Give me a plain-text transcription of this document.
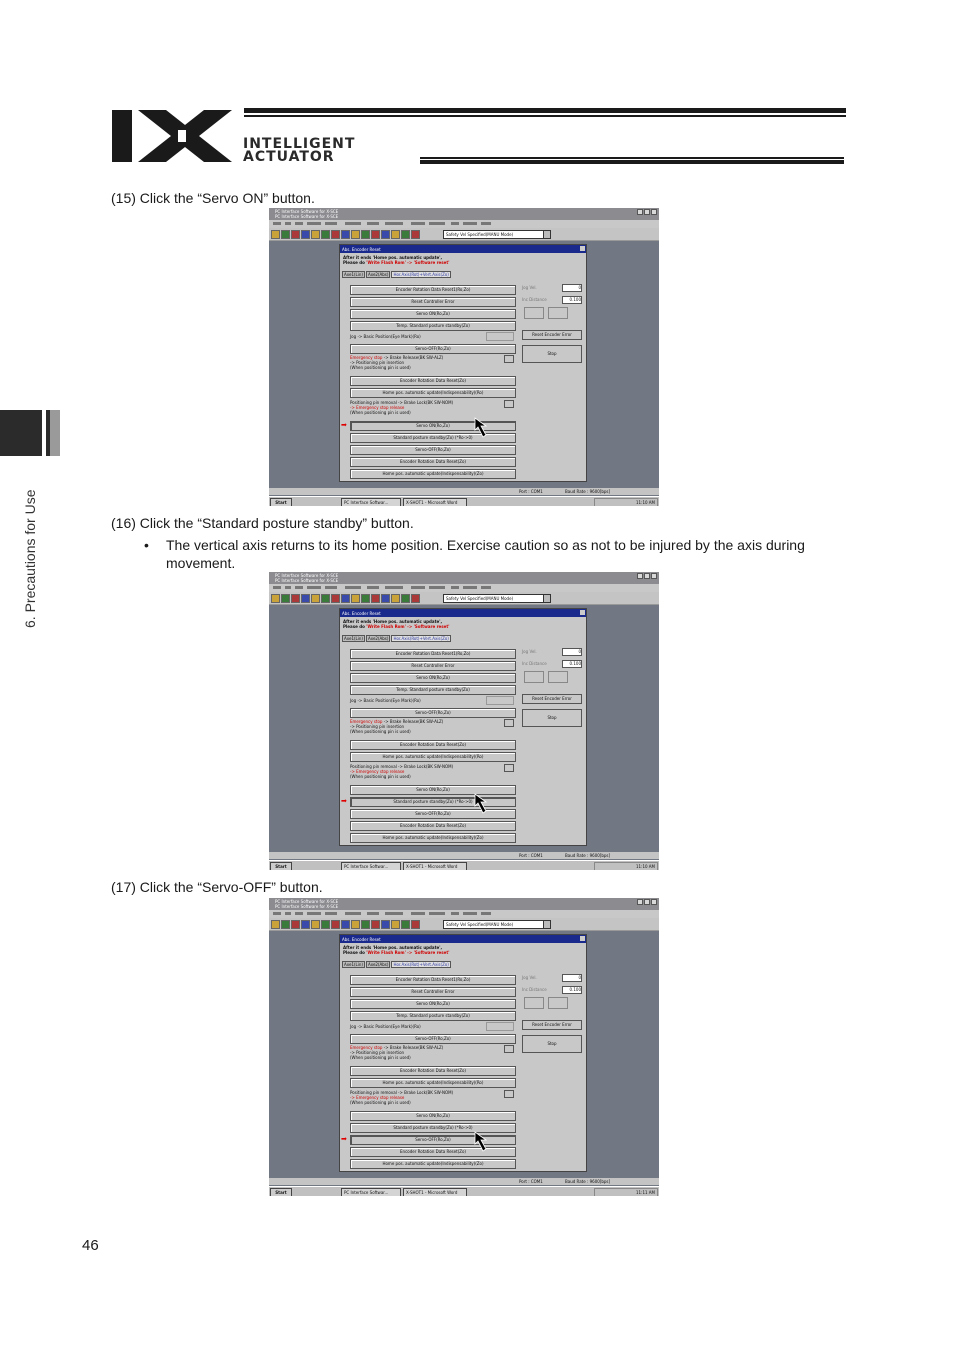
INTELLIGENT
ACTUATOR
6. Precautions for Use
(15) Click the “Servo ON” button.
(16) Click the “Standard posture standby” button.
• The vertical axis returns to its home position. Exercise caution so as not to be injured by the axis during movement.
(17) Click the “Servo-OFF” button.
PC Interface Software for X-SCE
PC Interface Software for X-SCE
Safety Vel Specified(MANU Mode)
Abs. Encoder Reset
After it ends 'Home pos. automatic update',
Please do 'Write Flash Rom' -> 'Software reset'
Axe1(Lin)	Axe2(Abs)	Hor.Axis(Rot)+Vert.Axis(Zo)
Encoder Rotation Data Reset1(Ro,Zo)
Reset Controller Error
Servo ON(Ro,Zo)
Temp. Standard posture standby(Zo)
Jog -> Basic Position(Eye Mark)(Ro)
Servo-OFF(Ro,Zo)
Emergency stop -> Brake Release(BK SW-ALZ)
-> Positioning pin insertion
(When positioning pin is used)
Encoder Rotation Data Reset(Zo)
Home pos. automatic update(Indispensability)(Ro)
Positioning pin removal -> Brake Lock(BK SW-NOM)
-> Emergency stop release
(When positioning pin is used)
Servo ON(Ro,Zo)
Standard posture standby(Zo) (*Ro->0)
Servo-OFF(Ro,Zo)
Encoder Rotation Data Reset(Zo)
Home pos. automatic update(Indispensability)(Zo)
Jog Vel.	0
Inc Distance	0.100
Reset Encoder Error
Stop
➡
Port : COM1	Baud Rate : 9600[bps]
Start	PC Interface Softwar...	X-SHOT1 - Microsoft Word	11:10 AM
PC Interface Software for X-SCE
PC Interface Software for X-SCE
Safety Vel Specified(MANU Mode)
Abs. Encoder Reset
After it ends 'Home pos. automatic update',
Please do 'Write Flash Rom' -> 'Software reset'
Axe1(Lin)	Axe2(Abs)	Hor.Axis(Rot)+Vert.Axis(Zo)
Encoder Rotation Data Reset1(Ro,Zo)
Reset Controller Error
Servo ON(Ro,Zo)
Temp. Standard posture standby(Zo)
Jog -> Basic Position(Eye Mark)(Ro)
Servo-OFF(Ro,Zo)
Emergency stop -> Brake Release(BK SW-ALZ)
-> Positioning pin insertion
(When positioning pin is used)
Encoder Rotation Data Reset(Zo)
Home pos. automatic update(Indispensability)(Ro)
Positioning pin removal -> Brake Lock(BK SW-NOM)
-> Emergency stop release
(When positioning pin is used)
Servo ON(Ro,Zo)
Standard posture standby(Zo) (*Ro->0)
Servo-OFF(Ro,Zo)
Encoder Rotation Data Reset(Zo)
Home pos. automatic update(Indispensability)(Zo)
Jog Vel.	0
Inc Distance	0.100
Reset Encoder Error
Stop
➡
Port : COM1	Baud Rate : 9600[bps]
Start	PC Interface Softwar...	X-SHOT1 - Microsoft Word	11:10 AM
PC Interface Software for X-SCE
PC Interface Software for X-SCE
Safety Vel Specified(MANU Mode)
Abs. Encoder Reset
After it ends 'Home pos. automatic update',
Please do 'Write Flash Rom' -> 'Software reset'
Axe1(Lin)	Axe2(Abs)	Hor.Axis(Rot)+Vert.Axis(Zo)
Encoder Rotation Data Reset1(Ro,Zo)
Reset Controller Error
Servo ON(Ro,Zo)
Temp. Standard posture standby(Zo)
Jog -> Basic Position(Eye Mark)(Ro)
Servo-OFF(Ro,Zo)
Emergency stop -> Brake Release(BK SW-ALZ)
-> Positioning pin insertion
(When positioning pin is used)
Encoder Rotation Data Reset(Zo)
Home pos. automatic update(Indispensability)(Ro)
Positioning pin removal -> Brake Lock(BK SW-NOM)
-> Emergency stop release
(When positioning pin is used)
Servo ON(Ro,Zo)
Standard posture standby(Zo) (*Ro->0)
Servo-OFF(Ro,Zo)
Encoder Rotation Data Reset(Zo)
Home pos. automatic update(Indispensability)(Zo)
Jog Vel.	0
Inc Distance	0.100
Reset Encoder Error
Stop
➡
Port : COM1	Baud Rate : 9600[bps]
Start	PC Interface Softwar...	X-SHOT1 - Microsoft Word	11:11 AM
46
